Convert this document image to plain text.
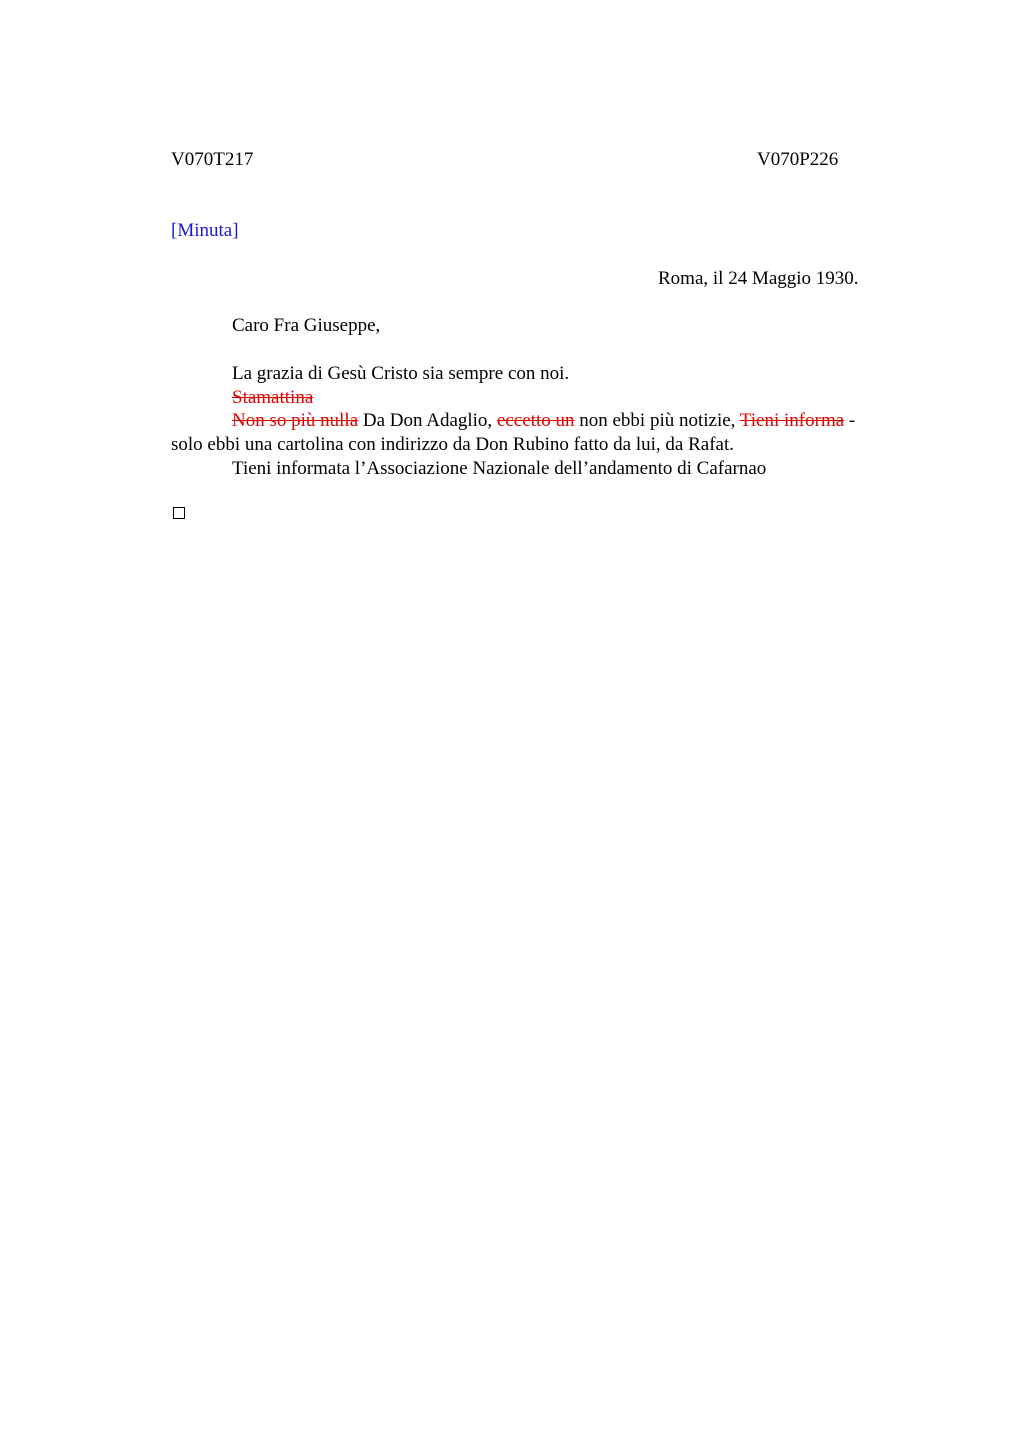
V070T217	V070P226
[Minuta]
Roma, il 24 Maggio 1930.
Caro Fra Giuseppe,
La grazia di Gesù Cristo sia sempre con noi.
Stamattina
Non so più nulla Da Don Adaglio, eccetto un non ebbi più notizie, Tieni informa -
solo ebbi una cartolina con indirizzo da Don Rubino fatto da lui, da Rafat.
Tieni informata l’Associazione Nazionale dell’andamento di Cafarnao
